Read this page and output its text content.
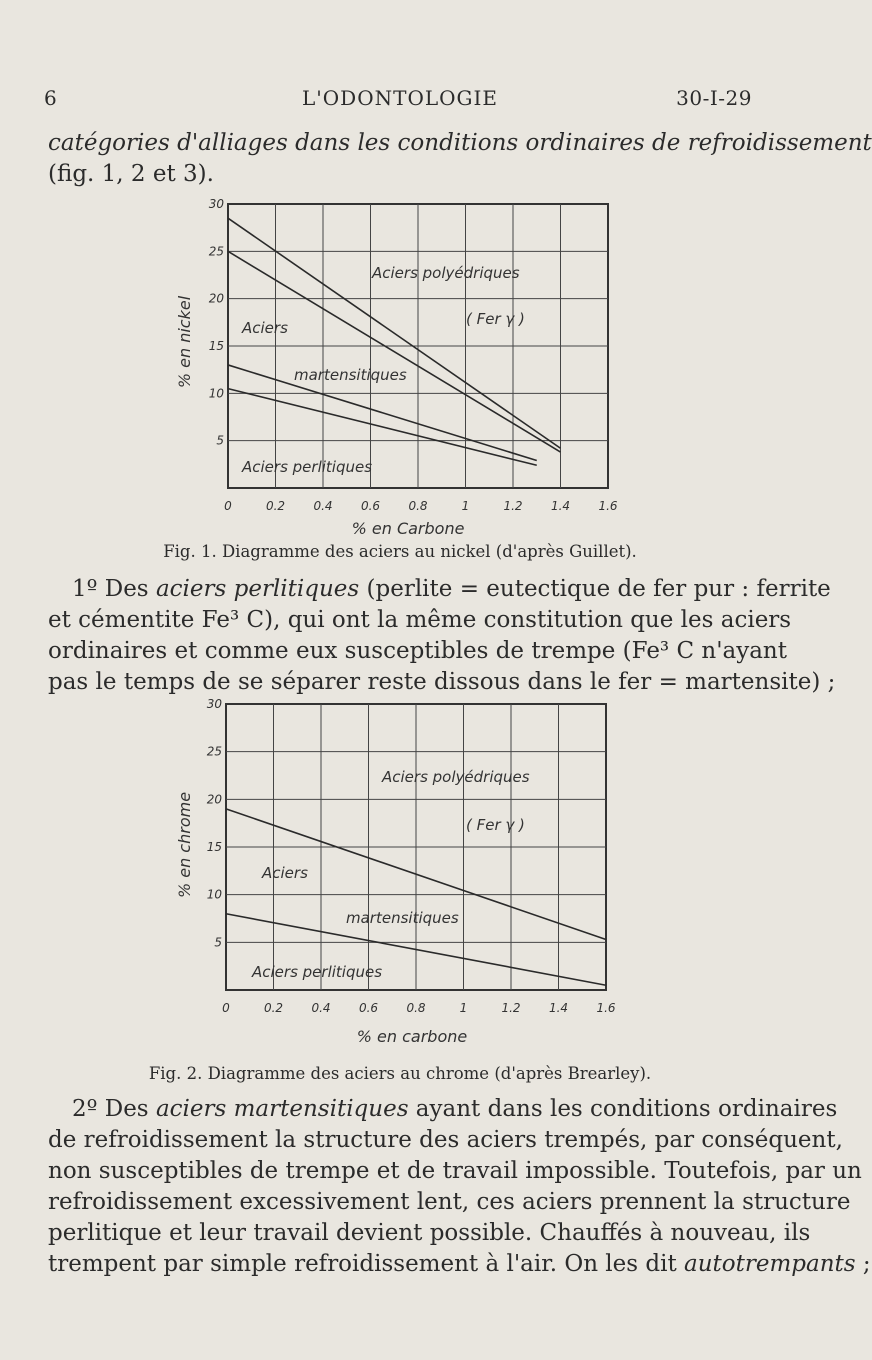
6	L'ODONTOLOGIE	30-I-29
catégories d'alliages dans les conditions ordinaires de refroidissement
(fig. 1, 2 et 3).
5
10
15
20
25
30
0	0.2 0.4 0.6 0.8	1	1.2 1.4 1.6
Aciers polyédriques
( Fer γ )
Aciers
martensitiques
Aciers perlitiques
% en nickel
% en Carbone
Fig. 1. Diagramme des aciers au nickel (d'après Guillet).
1º Des aciers perlitiques (perlite = eutectique de fer pur : ferrite
et cémentite Fe³ C), qui ont la même constitution que les aciers
ordinaires et comme eux susceptibles de trempe (Fe³ C n'ayant
pas le temps de se séparer reste dissous dans le fer = martensite) ;
5
10
15
20
25
30
0	0.2 0.4 0.6 0.8	1	1.2 1.4 1.6
Aciers polyédriques
( Fer γ )
Aciers
martensitiques
Aciers perlitiques
% en chrome
% en carbone
Fig. 2. Diagramme des aciers au chrome (d'après Brearley).
2º Des aciers martensitiques ayant dans les conditions ordinaires
de refroidissement la structure des aciers trempés, par conséquent,
non susceptibles de trempe et de travail impossible. Toutefois, par un
refroidissement excessivement lent, ces aciers prennent la structure
perlitique et leur travail devient possible. Chauffés à nouveau, ils
trempent par simple refroidissement à l'air. On les dit autotrempants ;
